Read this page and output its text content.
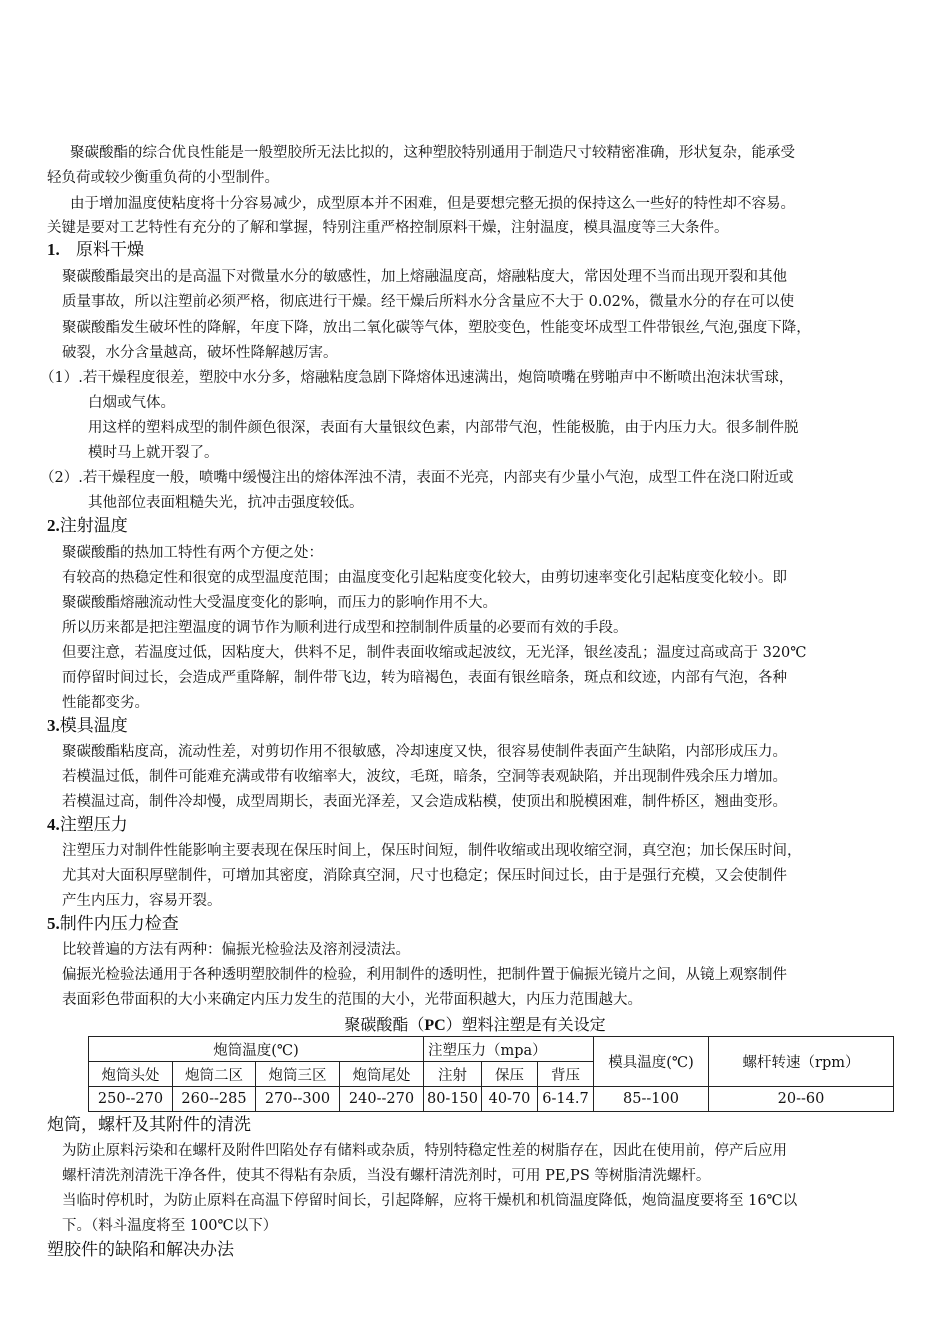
聚碳酸酯的综合优良性能是一般塑胶所无法比拟的，这种塑胶特别通用于制造尺寸较精密准确，形状复杂，能承受
轻负荷或较少衡重负荷的小型制件。
由于增加温度使粘度将十分容易减少，成型原本并不困难，但是要想完整无损的保持这么一些好的特性却不容易。
关键是要对工艺特性有充分的了解和掌握，特别注重严格控制原料干燥，注射温度，模具温度等三大条件。
1. 原料干燥
聚碳酸酯最突出的是高温下对微量水分的敏感性，加上熔融温度高，熔融粘度大，常因处理不当而出现开裂和其他
质量事故，所以注塑前必须严格，彻底进行干燥。经干燥后所料水分含量应不大于 0.02%，微量水分的存在可以使
聚碳酸酯发生破坏性的降解，年度下降，放出二氧化碳等气体，塑胶变色，性能变坏成型工件带银丝,气泡,强度下降，
破裂，水分含量越高，破坏性降解越厉害。
（1）.若干燥程度很差，塑胶中水分多，熔融粘度急剧下降熔体迅速满出，炮筒喷嘴在劈啪声中不断喷出泡沫状雪球，
白烟或气体。
用这样的塑料成型的制件颜色很深，表面有大量银纹色素，内部带气泡，性能极脆，由于内压力大。很多制件脱
模时马上就开裂了。
（2）.若干燥程度一般，喷嘴中缓慢注出的熔体浑浊不清，表面不光亮，内部夹有少量小气泡，成型工件在浇口附近或
其他部位表面粗糙失光，抗冲击强度较低。
2.注射温度
聚碳酸酯的热加工特性有两个方便之处：
有较高的热稳定性和很宽的成型温度范围；由温度变化引起粘度变化较大，由剪切速率变化引起粘度变化较小。即
聚碳酸酯熔融流动性大受温度变化的影响，而压力的影响作用不大。
所以历来都是把注塑温度的调节作为顺利进行成型和控制制件质量的必要而有效的手段。
但要注意，若温度过低，因粘度大，供料不足，制件表面收缩或起波纹，无光泽，银丝凌乱；温度过高或高于 320℃
而停留时间过长，会造成严重降解，制件带飞边，转为暗褐色，表面有银丝暗条，斑点和纹迹，内部有气泡，各种
性能都变劣。
3.模具温度
聚碳酸酯粘度高，流动性差，对剪切作用不很敏感，冷却速度又快，很容易使制件表面产生缺陷，内部形成压力。
若模温过低，制件可能难充满或带有收缩率大，波纹，毛斑，暗条，空洞等表观缺陷，并出现制件残余压力增加。
若模温过高，制件冷却慢，成型周期长，表面光泽差，又会造成粘模，使顶出和脱模困难，制件桥区，翘曲变形。
4.注塑压力
注塑压力对制件性能影响主要表现在保压时间上，保压时间短，制件收缩或出现收缩空洞，真空泡；加长保压时间，
尤其对大面积厚壁制件，可增加其密度，消除真空洞，尺寸也稳定；保压时间过长，由于是强行充模，又会使制件
产生内压力，容易开裂。
5.制件内压力检查
比较普遍的方法有两种：偏振光检验法及溶剂浸渍法。
偏振光检验法通用于各种透明塑胶制件的检验，利用制件的透明性，把制件置于偏振光镜片之间，从镜上观察制件
表面彩色带面积的大小来确定内压力发生的范围的大小，光带面积越大，内压力范围越大。
聚碳酸酯（PC）塑料注塑是有关设定
炮筒温度(℃)				注塑压力（mpa）			模具温度(℃)	螺杆转速（rpm）
炮筒头处	炮筒二区	炮筒三区	炮筒尾处	注射	保压	背压		
250--270	260--285	270--300	240--270	80-150	40-70	6-14.7	85--100	20--60
炮筒，螺杆及其附件的清洗
为防止原料污染和在螺杆及附件凹陷处存有储料或杂质，特别特稳定性差的树脂存在，因此在使用前，停产后应用
螺杆清洗剂清洗干净各件，使其不得粘有杂质，当没有螺杆清洗剂时，可用 PE,PS 等树脂清洗螺杆。
当临时停机时，为防止原料在高温下停留时间长，引起降解，应将干燥机和机筒温度降低，炮筒温度要将至 16℃以
下。（料斗温度将至 100℃以下）
塑胶件的缺陷和解决办法
